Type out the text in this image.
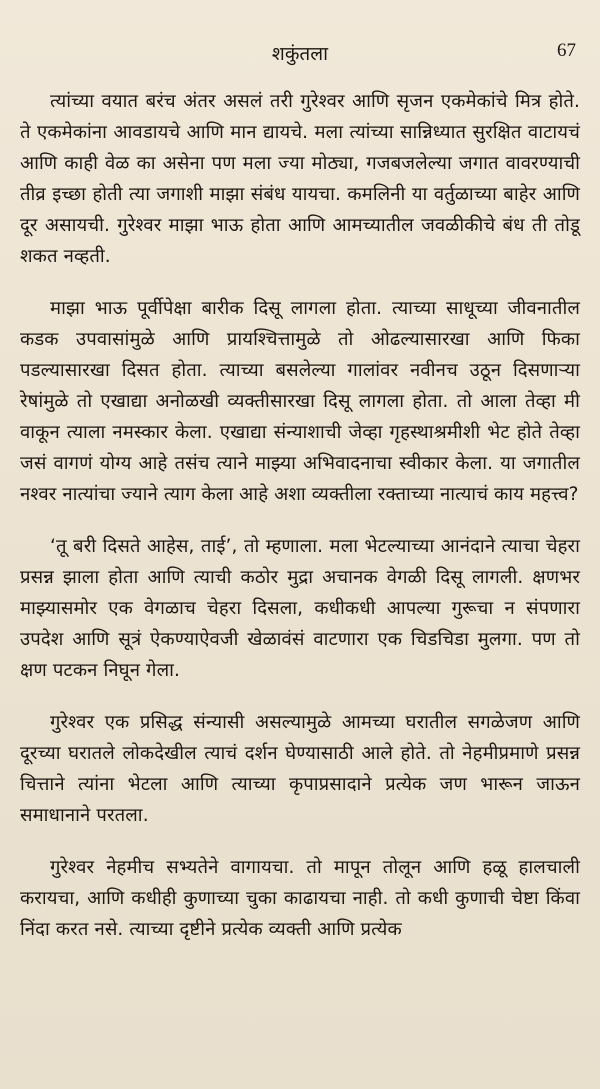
शकुंतला	67

त्यांच्या वयात बरंच अंतर असलं तरी गुरेश्वर आणि सृजन एकमेकांचे मित्र होते. ते एकमेकांना आवडायचे आणि मान द्यायचे. मला त्यांच्या सान्निध्यात सुरक्षित वाटायचं आणि काही वेळ का असेना पण मला ज्या मोठ्या, गजबजलेल्या जगात वावरण्याची तीव्र इच्छा होती त्या जगाशी माझा संबंध यायचा. कमलिनी या वर्तुळाच्या बाहेर आणि दूर असायची. गुरेश्वर माझा भाऊ होता आणि आमच्यातील जवळीकीचे बंध ती तोडू शकत नव्हती.

माझा भाऊ पूर्वीपेक्षा बारीक दिसू लागला होता. त्याच्या साधूच्या जीवनातील कडक उपवासांमुळे आणि प्रायश्चित्तामुळे तो ओढल्यासारखा आणि फिका पडल्यासारखा दिसत होता. त्याच्या बसलेल्या गालांवर नवीनच उठून दिसणाऱ्या रेषांमुळे तो एखाद्या अनोळखी व्यक्तीसारखा दिसू लागला होता. तो आला तेव्हा मी वाकून त्याला नमस्कार केला. एखाद्या संन्याशाची जेव्हा गृहस्थाश्रमीशी भेट होते तेव्हा जसं वागणं योग्य आहे तसंच त्याने माझ्या अभिवादनाचा स्वीकार केला. या जगातील नश्वर नात्यांचा ज्याने त्याग केला आहे अशा व्यक्तीला रक्ताच्या नात्याचं काय महत्त्व?

‘तू बरी दिसते आहेस, ताई’, तो म्हणाला. मला भेटल्याच्या आनंदाने त्याचा चेहरा प्रसन्न झाला होता आणि त्याची कठोर मुद्रा अचानक वेगळी दिसू लागली. क्षणभर माझ्यासमोर एक वेगळाच चेहरा दिसला, कधीकधी आपल्या गुरूचा न संपणारा उपदेश आणि सूत्रं ऐकण्याऐवजी खेळावंसं वाटणारा एक चिडचिडा मुलगा. पण तो क्षण पटकन निघून गेला.

गुरेश्वर एक प्रसिद्ध संन्यासी असल्यामुळे आमच्या घरातील सगळेजण आणि दूरच्या घरातले लोकदेखील त्याचं दर्शन घेण्यासाठी आले होते. तो नेहमीप्रमाणे प्रसन्न चित्ताने त्यांना भेटला आणि त्याच्या कृपाप्रसादाने प्रत्येक जण भारून जाऊन समाधानाने परतला.

गुरेश्वर नेहमीच सभ्यतेने वागायचा. तो मापून तोलून आणि हळू हालचाली करायचा, आणि कधीही कुणाच्या चुका काढायचा नाही. तो कधी कुणाची चेष्टा किंवा निंदा करत नसे. त्याच्या दृष्टीने प्रत्येक व्यक्ती आणि प्रत्येक
